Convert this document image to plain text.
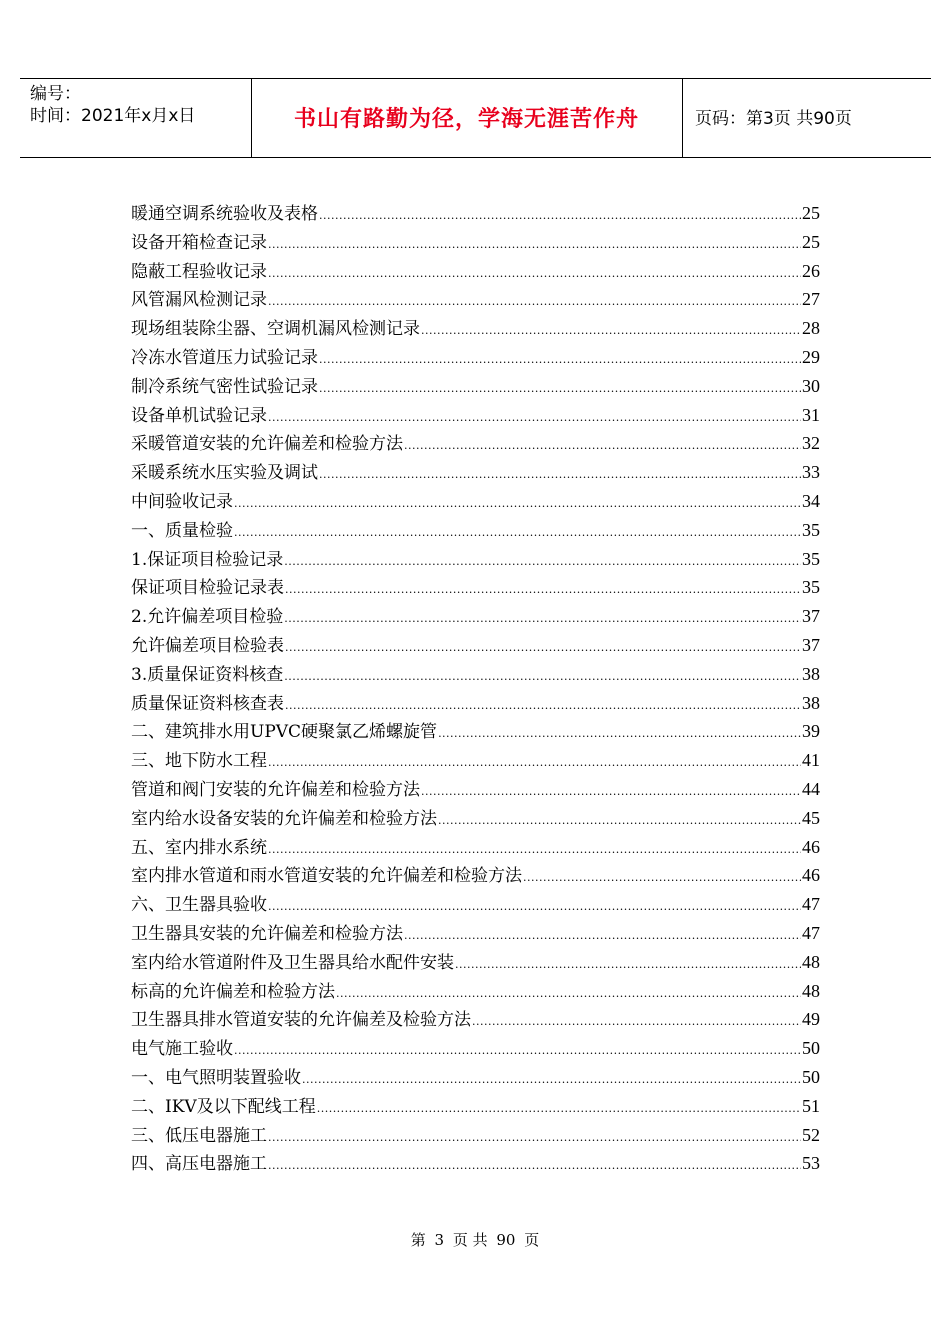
编号：
时间：2021年x月x日	书山有路勤为径，学海无涯苦作舟	页码：第3页 共90页
暖通空调系统验收及表格 .....	25
设备开箱检查记录 .....	25
隐蔽工程验收记录 .....	26
风管漏风检测记录 .....	27
现场组装除尘器、空调机漏风检测记录 .....	28
冷冻水管道压力试验记录 .....	29
制冷系统气密性试验记录 .....	30
设备单机试验记录 .....	31
采暖管道安装的允许偏差和检验方法 .....	32
采暖系统水压实验及调试 .....	33
中间验收记录 .....	34
一、质量检验 .....	35
1.保证项目检验记录 .....	35
保证项目检验记录表 .....	35
2.允许偏差项目检验 .....	37
允许偏差项目检验表 .....	37
3.质量保证资料核查 .....	38
质量保证资料核查表 .....	38
二、建筑排水用UPVC硬聚氯乙烯螺旋管 .....	39
三、地下防水工程 .....	41
管道和阀门安装的允许偏差和检验方法 .....	44
室内给水设备安装的允许偏差和检验方法 .....	45
五、室内排水系统 .....	46
室内排水管道和雨水管道安装的允许偏差和检验方法 .....	46
六、卫生器具验收 .....	47
卫生器具安装的允许偏差和检验方法 .....	47
室内给水管道附件及卫生器具给水配件安装 .....	48
标高的允许偏差和检验方法 .....	48
卫生器具排水管道安装的允许偏差及检验方法 .....	49
电气施工验收 .....	50
一、电气照明装置验收 .....	50
二、IKV及以下配线工程 .....	51
三、低压电器施工 .....	52
四、高压电器施工 .....	53
第 3 页 共 90 页
